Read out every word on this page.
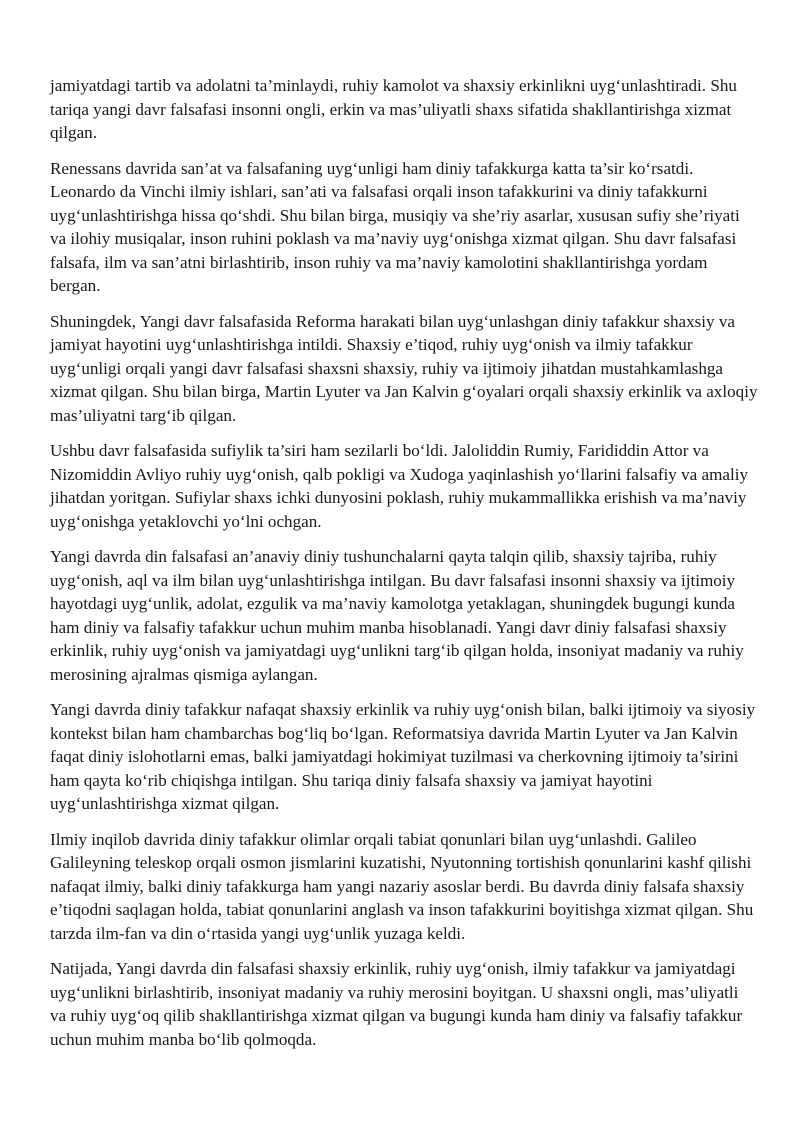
jamiyatdagi tartib va adolatni ta’minlaydi, ruhiy kamolot va shaxsiy erkinlikni uyg‘unlashtiradi. Shu tariqa yangi davr falsafasi insonni ongli, erkin va mas’uliyatli shaxs sifatida shakllantirishga xizmat qilgan.

Renessans davrida san’at va falsafaning uyg‘unligi ham diniy tafakkurga katta ta’sir ko‘rsatdi. Leonardo da Vinchi ilmiy ishlari, san’ati va falsafasi orqali inson tafakkurini va diniy tafakkurni uyg‘unlashtirishga hissa qo‘shdi. Shu bilan birga, musiqiy va she’riy asarlar, xususan sufiy she’riyati va ilohiy musiqalar, inson ruhini poklash va ma’naviy uyg‘onishga xizmat qilgan. Shu davr falsafasi falsafa, ilm va san’atni birlashtirib, inson ruhiy va ma’naviy kamolotini shakllantirishga yordam bergan.

Shuningdek, Yangi davr falsafasida Reforma harakati bilan uyg‘unlashgan diniy tafakkur shaxsiy va jamiyat hayotini uyg‘unlashtirishga intildi. Shaxsiy e’tiqod, ruhiy uyg‘onish va ilmiy tafakkur uyg‘unligi orqali yangi davr falsafasi shaxsni shaxsiy, ruhiy va ijtimoiy jihatdan mustahkamlashga xizmat qilgan. Shu bilan birga, Martin Lyuter va Jan Kalvin g‘oyalari orqali shaxsiy erkinlik va axloqiy mas’uliyatni targ‘ib qilgan.

Ushbu davr falsafasida sufiylik ta’siri ham sezilarli bo‘ldi. Jaloliddin Rumiy, Farididdin Attor va Nizomiddin Avliyo ruhiy uyg‘onish, qalb pokligi va Xudoga yaqinlashish yo‘llarini falsafiy va amaliy jihatdan yoritgan. Sufiylar shaxs ichki dunyosini poklash, ruhiy mukammallikka erishish va ma’naviy uyg‘onishga yetaklovchi yo‘lni ochgan.

Yangi davrda din falsafasi an’anaviy diniy tushunchalarni qayta talqin qilib, shaxsiy tajriba, ruhiy uyg‘onish, aql va ilm bilan uyg‘unlashtirishga intilgan. Bu davr falsafasi insonni shaxsiy va ijtimoiy hayotdagi uyg‘unlik, adolat, ezgulik va ma’naviy kamolotga yetaklagan, shuningdek bugungi kunda ham diniy va falsafiy tafakkur uchun muhim manba hisoblanadi. Yangi davr diniy falsafasi shaxsiy erkinlik, ruhiy uyg‘onish va jamiyatdagi uyg‘unlikni targ‘ib qilgan holda, insoniyat madaniy va ruhiy merosining ajralmas qismiga aylangan.

Yangi davrda diniy tafakkur nafaqat shaxsiy erkinlik va ruhiy uyg‘onish bilan, balki ijtimoiy va siyosiy kontekst bilan ham chambarchas bog‘liq bo‘lgan. Reformatsiya davrida Martin Lyuter va Jan Kalvin faqat diniy islohotlarni emas, balki jamiyatdagi hokimiyat tuzilmasi va cherkovning ijtimoiy ta’sirini ham qayta ko‘rib chiqishga intilgan. Shu tariqa diniy falsafa shaxsiy va jamiyat hayotini uyg‘unlashtirishga xizmat qilgan.

Ilmiy inqilob davrida diniy tafakkur olimlar orqali tabiat qonunlari bilan uyg‘unlashdi. Galileo Galileyning teleskop orqali osmon jismlarini kuzatishi, Nyutonning tortishish qonunlarini kashf qilishi nafaqat ilmiy, balki diniy tafakkurga ham yangi nazariy asoslar berdi. Bu davrda diniy falsafa shaxsiy e’tiqodni saqlagan holda, tabiat qonunlarini anglash va inson tafakkurini boyitishga xizmat qilgan. Shu tarzda ilm-fan va din o‘rtasida yangi uyg‘unlik yuzaga keldi.

Natijada, Yangi davrda din falsafasi shaxsiy erkinlik, ruhiy uyg‘onish, ilmiy tafakkur va jamiyatdagi uyg‘unlikni birlashtirib, insoniyat madaniy va ruhiy merosini boyitgan. U shaxsni ongli, mas’uliyatli va ruhiy uyg‘oq qilib shakllantirishga xizmat qilgan va bugungi kunda ham diniy va falsafiy tafakkur uchun muhim manba bo‘lib qolmoqda.
